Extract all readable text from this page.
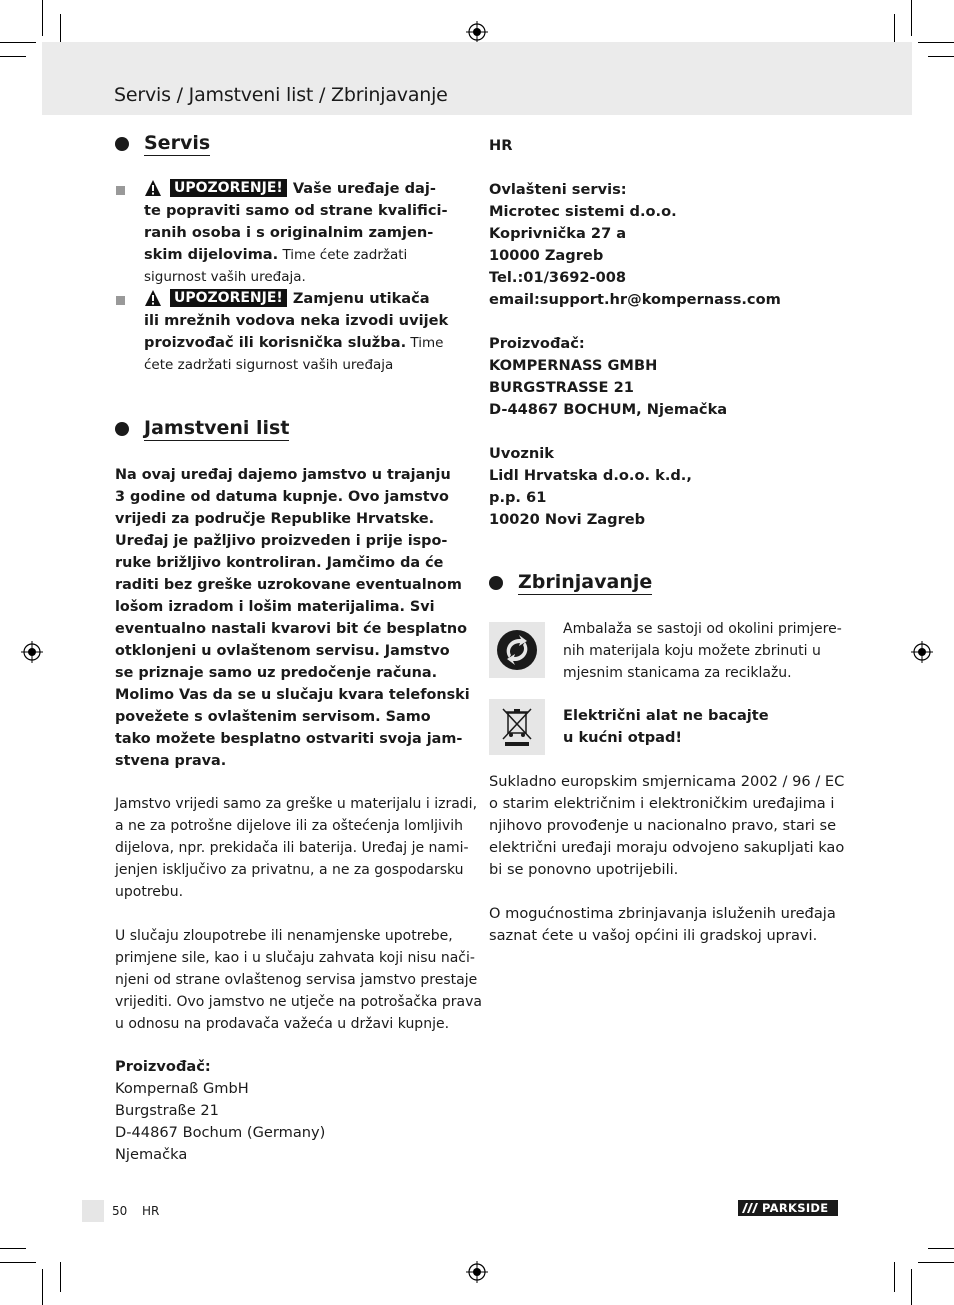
Servis / Jamstveni list / Zbrinjavanje
Servis
UPOZORENJE! Vaše uređaje daj-
te popraviti samo od strane kvalifici-
ranih osoba i s originalnim zamjen-
skim dijelovima. Time ćete zadržati
sigurnost vaših uređaja.
UPOZORENJE! Zamjenu utikača
ili mrežnih vodova neka izvodi uvijek
proizvođač ili korisnička služba. Time
ćete zadržati sigurnost vaših uređaja
Jamstveni list
Na ovaj uređaj dajemo jamstvo u trajanju
3 godine od datuma kupnje. Ovo jamstvo
vrijedi za područje Republike Hrvatske.
Uređaj je pažljivo proizveden i prije ispo-
ruke brižljivo kontroliran. Jamčimo da će
raditi bez greške uzrokovane eventualnom
lošom izradom i lošim materijalima. Svi
eventualno nastali kvarovi bit će besplatno
otklonjeni u ovlaštenom servisu. Jamstvo
se priznaje samo uz predočenje računa.
Molimo Vas da se u slučaju kvara telefonski
povežete s ovlaštenim servisom. Samo
tako možete besplatno ostvariti svoja jam-
stvena prava.
Jamstvo vrijedi samo za greške u materijalu i izradi,
a ne za potrošne dijelove ili za oštećenja lomljivih
dijelova, npr. prekidača ili baterija. Uređaj je nami-
jenjen isključivo za privatnu, a ne za gospodarsku
upotrebu.
U slučaju zloupotrebe ili nenamjenske upotrebe,
primjene sile, kao i u slučaju zahvata koji nisu nači-
njeni od strane ovlaštenog servisa jamstvo prestaje
vrijediti. Ovo jamstvo ne utječe na potrošačka prava
u odnosu na prodavača važeća u državi kupnje.
Proizvođač:
Kompernaß GmbH
Burgstraße 21
D-44867 Bochum (Germany)
Njemačka
HR

Ovlašteni servis:
Microtec sistemi d.o.o.
Koprivnička 27 a
10000 Zagreb
Tel.:01/3692-008
email:support.hr@kompernass.com

Proizvođač:
KOMPERNASS GMBH
BURGSTRASSE 21
D-44867 BOCHUM, Njemačka

Uvoznik
Lidl Hrvatska d.o.o. k.d.,
p.p. 61
10020 Novi Zagreb
Zbrinjavanje
Ambalaža se sastoji od okolini primjere-
nih materijala koju možete zbrinuti u
mjesnim stanicama za reciklažu.
Električni alat ne bacajte
u kućni otpad!
Sukladno europskim smjernicama 2002 / 96 / EC
o starim električnim i elektroničkim uređajima i
njihovo provođenje u nacionalno pravo, stari se
električni uređaji moraju odvojeno sakupljati kao
bi se ponovno upotrijebili.
O mogućnostima zbrinjavanja isluženih uređaja
saznat ćete u vašoj općini ili gradskoj upravi.
50 HR	PARKSIDE
